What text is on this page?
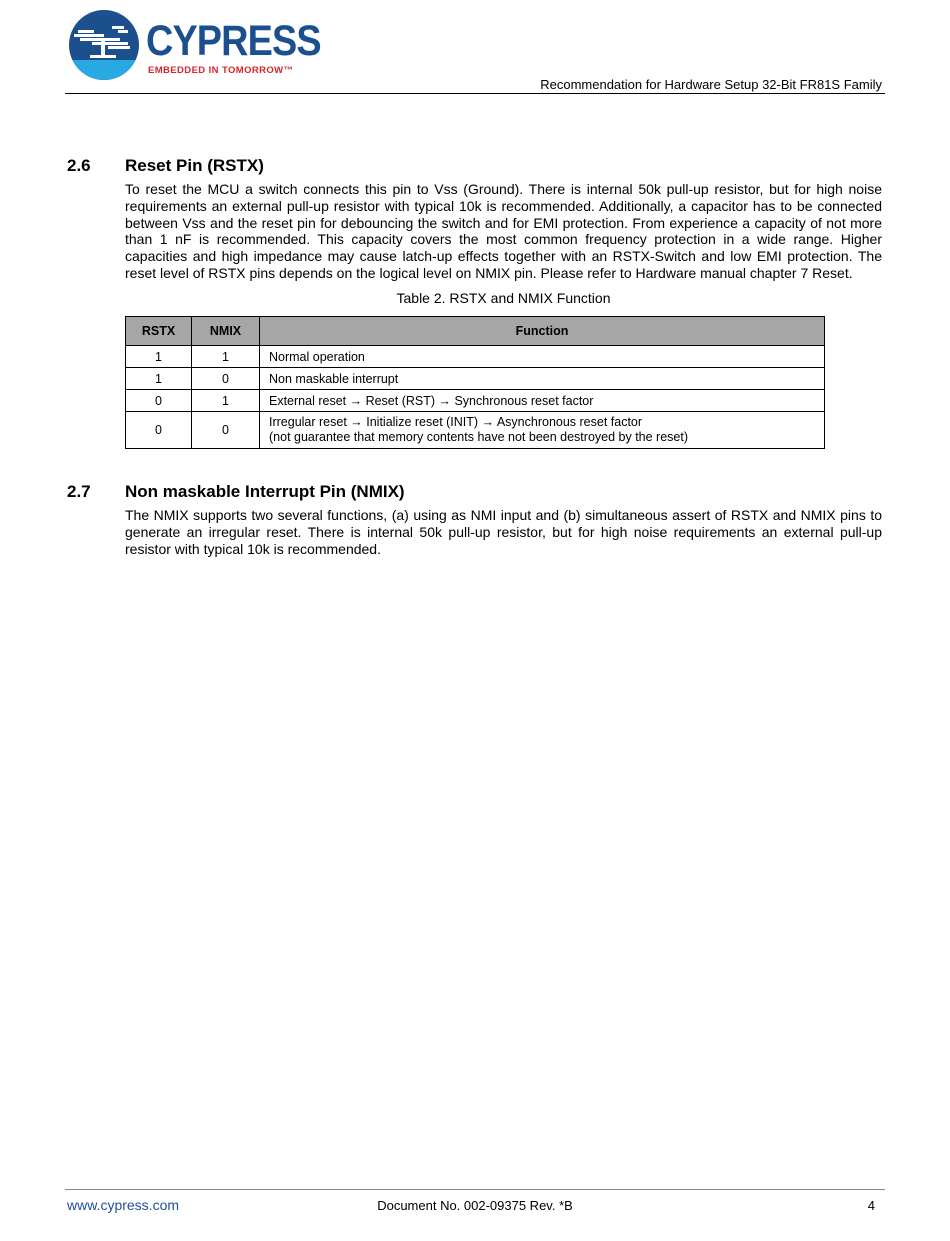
CYPRESS
EMBEDDED IN TOMORROW™
Recommendation for Hardware Setup 32-Bit FR81S Family
2.6 Reset Pin (RSTX)
To reset the MCU a switch connects this pin to Vss (Ground). There is internal 50k pull-up resistor, but for high noise requirements an external pull-up resistor with typical 10k is recommended. Additionally, a capacitor has to be connected between Vss and the reset pin for debouncing the switch and for EMI protection. From experience a capacity of not more than 1 nF is recommended. This capacity covers the most common frequency protection in a wide range. Higher capacities and high impedance may cause latch-up effects together with an RSTX-Switch and low EMI protection. The reset level of RSTX pins depends on the logical level on NMIX pin. Please refer to Hardware manual chapter 7 Reset.
Table 2. RSTX and NMIX Function
RSTX	NMIX	Function
1	1	Normal operation
1	0	Non maskable interrupt
0	1	External reset → Reset (RST) → Synchronous reset factor
0	0	Irregular reset → Initialize reset (INIT) → Asynchronous reset factor
(not guarantee that memory contents have not been destroyed by the reset)
2.7 Non maskable Interrupt Pin (NMIX)
The NMIX supports two several functions, (a) using as NMI input and (b) simultaneous assert of RSTX and NMIX pins to generate an irregular reset. There is internal 50k pull-up resistor, but for high noise requirements an external pull-up resistor with typical 10k is recommended.
www.cypress.com	Document No. 002-09375 Rev. *B	4
